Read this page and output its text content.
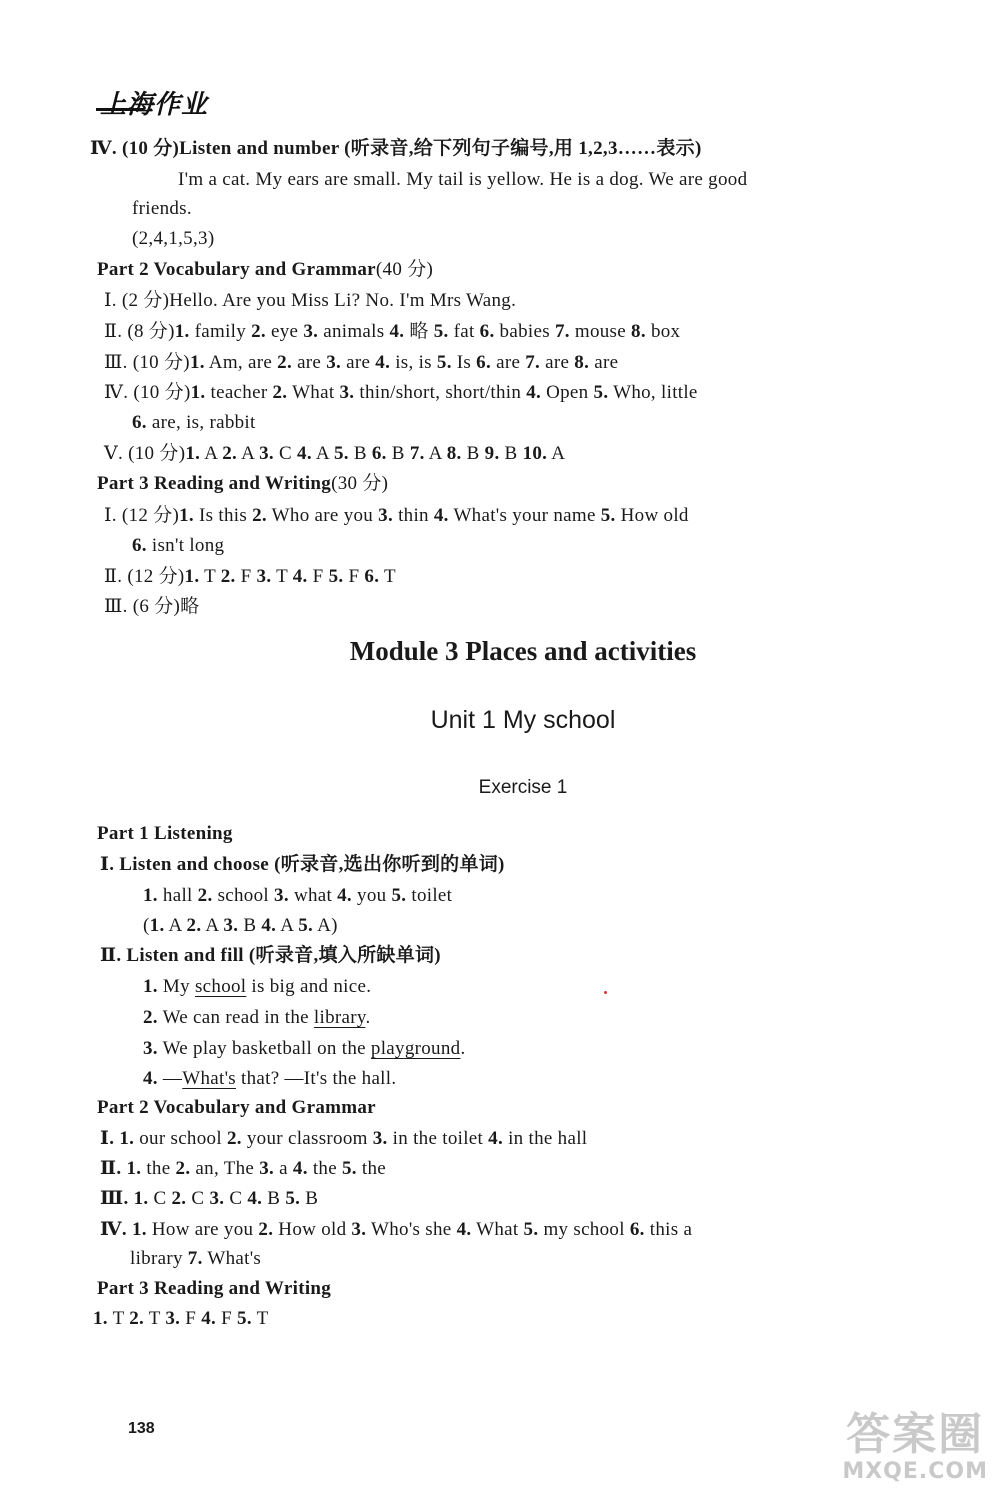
上海作业
Ⅳ. (10 分)Listen and number (听录音,给下列句子编号,用 1,2,3……表示)
I'm a cat. My ears are small. My tail is yellow. He is a dog. We are good
friends.
(2,4,1,5,3)
Part 2 Vocabulary and Grammar(40 分)
Ⅰ. (2 分)Hello. Are you Miss Li? No. I'm Mrs Wang.
Ⅱ. (8 分)1. family 2. eye 3. animals 4. 略 5. fat 6. babies 7. mouse 8. box
Ⅲ. (10 分)1. Am, are 2. are 3. are 4. is, is 5. Is 6. are 7. are 8. are
Ⅳ. (10 分)1. teacher 2. What 3. thin/short, short/thin 4. Open 5. Who, little
6. are, is, rabbit
Ⅴ. (10 分)1. A 2. A 3. C 4. A 5. B 6. B 7. A 8. B 9. B 10. A
Part 3 Reading and Writing(30 分)
Ⅰ. (12 分)1. Is this 2. Who are you 3. thin 4. What's your name 5. How old
6. isn't long
Ⅱ. (12 分)1. T 2. F 3. T 4. F 5. F 6. T
Ⅲ. (6 分)略
Module 3 Places and activities
Unit 1 My school
Exercise 1
Part 1 Listening
Ⅰ. Listen and choose (听录音,选出你听到的单词)
1. hall 2. school 3. what 4. you 5. toilet
(1. A 2. A 3. B 4. A 5. A)
Ⅱ. Listen and fill (听录音,填入所缺单词)
1. My school is big and nice.
2. We can read in the library.
3. We play basketball on the playground.
4. —What's that? —It's the hall.
Part 2 Vocabulary and Grammar
Ⅰ. 1. our school 2. your classroom 3. in the toilet 4. in the hall
Ⅱ. 1. the 2. an, The 3. a 4. the 5. the
Ⅲ. 1. C 2. C 3. C 4. B 5. B
Ⅳ. 1. How are you 2. How old 3. Who's she 4. What 5. my school 6. this a
library 7. What's
Part 3 Reading and Writing
1. T 2. T 3. F 4. F 5. T
138	答案圈
MXQE.COM
